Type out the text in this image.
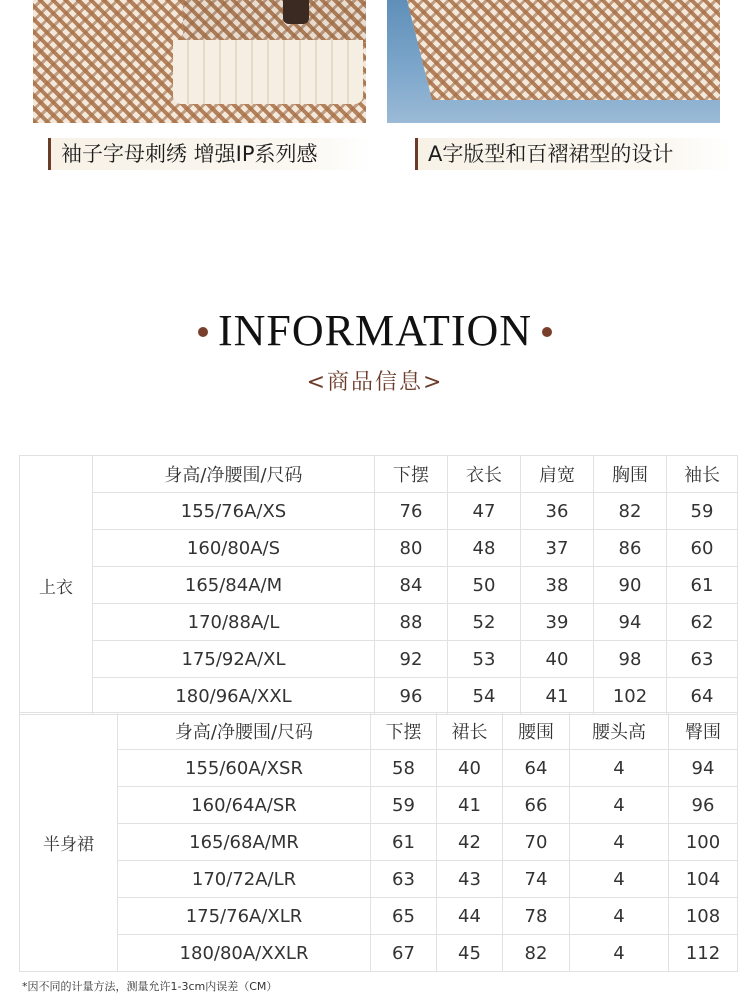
袖子字母刺绣 增强IP系列感	A字版型和百褶裙型的设计
INFORMATION
<商品信息>
上衣	身高/净腰围/尺码	下摆	衣长	肩宽	胸围	袖长
	155/76A/XS	76	47	36	82	59
	160/80A/S	80	48	37	86	60
	165/84A/M	84	50	38	90	61
	170/88A/L	88	52	39	94	62
	175/92A/XL	92	53	40	98	63
	180/96A/XXL	96	54	41	102	64
半身裙	身高/净腰围/尺码	下摆	裙长	腰围	腰头高	臀围
	155/60A/XSR	58	40	64	4	94
	160/64A/SR	59	41	66	4	96
	165/68A/MR	61	42	70	4	100
	170/72A/LR	63	43	74	4	104
	175/76A/XLR	65	44	78	4	108
	180/80A/XXLR	67	45	82	4	112
*因不同的计量方法，测量允许1-3cm内误差（CM）
